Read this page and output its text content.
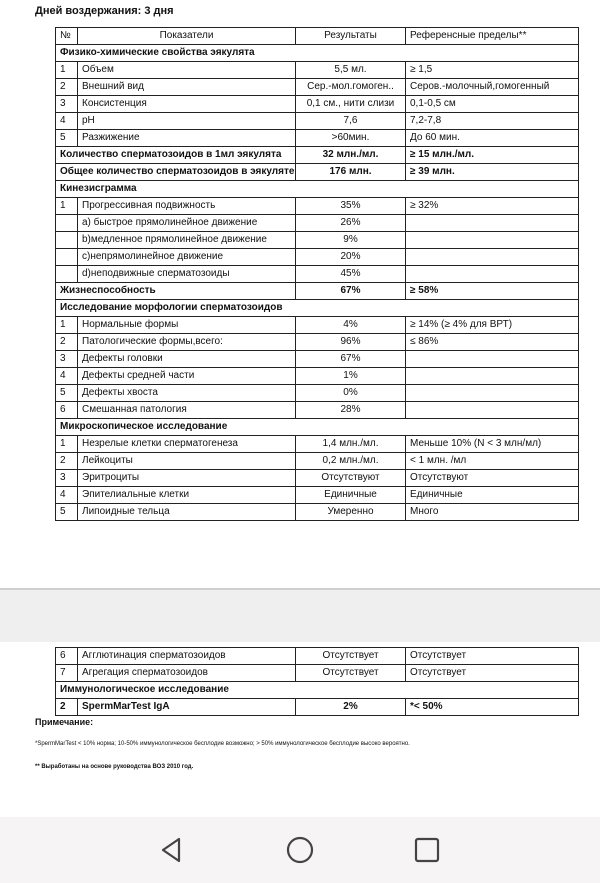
Дней воздержания: 3 дня
№	Показатели	Результаты	Референсные пределы**
Физико-химические свойства эякулята			
1	Объем	5,5 мл.	≥ 1,5
2	Внешний вид	Сер.-мол.гомоген..	Серов.-молочный,гомогенный
3	Консистенция	0,1 см., нити слизи	0,1-0,5 см
4	pH	7,6	7,2-7,8
5	Разжижение	>60мин.	До 60 мин.
Количество сперматозоидов в 1мл эякулята		32 млн./мл.	≥ 15 млн./мл.
Общее количество сперматозоидов в эякуляте		176 млн.	≥ 39 млн.
Кинезисграмма			
1	Прогрессивная подвижность	35%	≥ 32%
	а) быстрое прямолинейное движение	26%	
	b)медленное прямолинейное движение	9%	
	c)непрямолинейное движение	20%	
	d)неподвижные сперматозоиды	45%	
Жизнеспособность		67%	≥ 58%
Исследование морфологии сперматозоидов			
1	Нормальные формы	4%	≥ 14% (≥ 4% для ВРТ)
2	Патологические формы,всего:	96%	≤ 86%
3	Дефекты головки	67%	
4	Дефекты средней части	1%	
5	Дефекты хвоста	0%	
6	Смешанная патология	28%	
Микроскопическое исследование			
1	Незрелые клетки сперматогенеза	1,4 млн./мл.	Меньше 10% (N < 3 млн/мл)
2	Лейкоциты	0,2 млн./мл.	< 1 млн. /мл
3	Эритроциты	Отсутствуют	Отсутствуют
4	Эпителиальные клетки	Единичные	Единичные
5	Липоидные тельца	Умеренно	Много
6	Агглютинация сперматозоидов	Отсутствует	Отсутствует
7	Агрегация сперматозоидов	Отсутствует	Отсутствует
Иммунологическое исследование			
2	SpermMarTest IgA	2%	*< 50%
Примечание:
*SpermMarTest < 10% норма; 10-50% иммунологическое бесплодие возможно; > 50% иммунологическое бесплодие высоко вероятно.
** Выработаны на основе руководства ВОЗ 2010 год.
